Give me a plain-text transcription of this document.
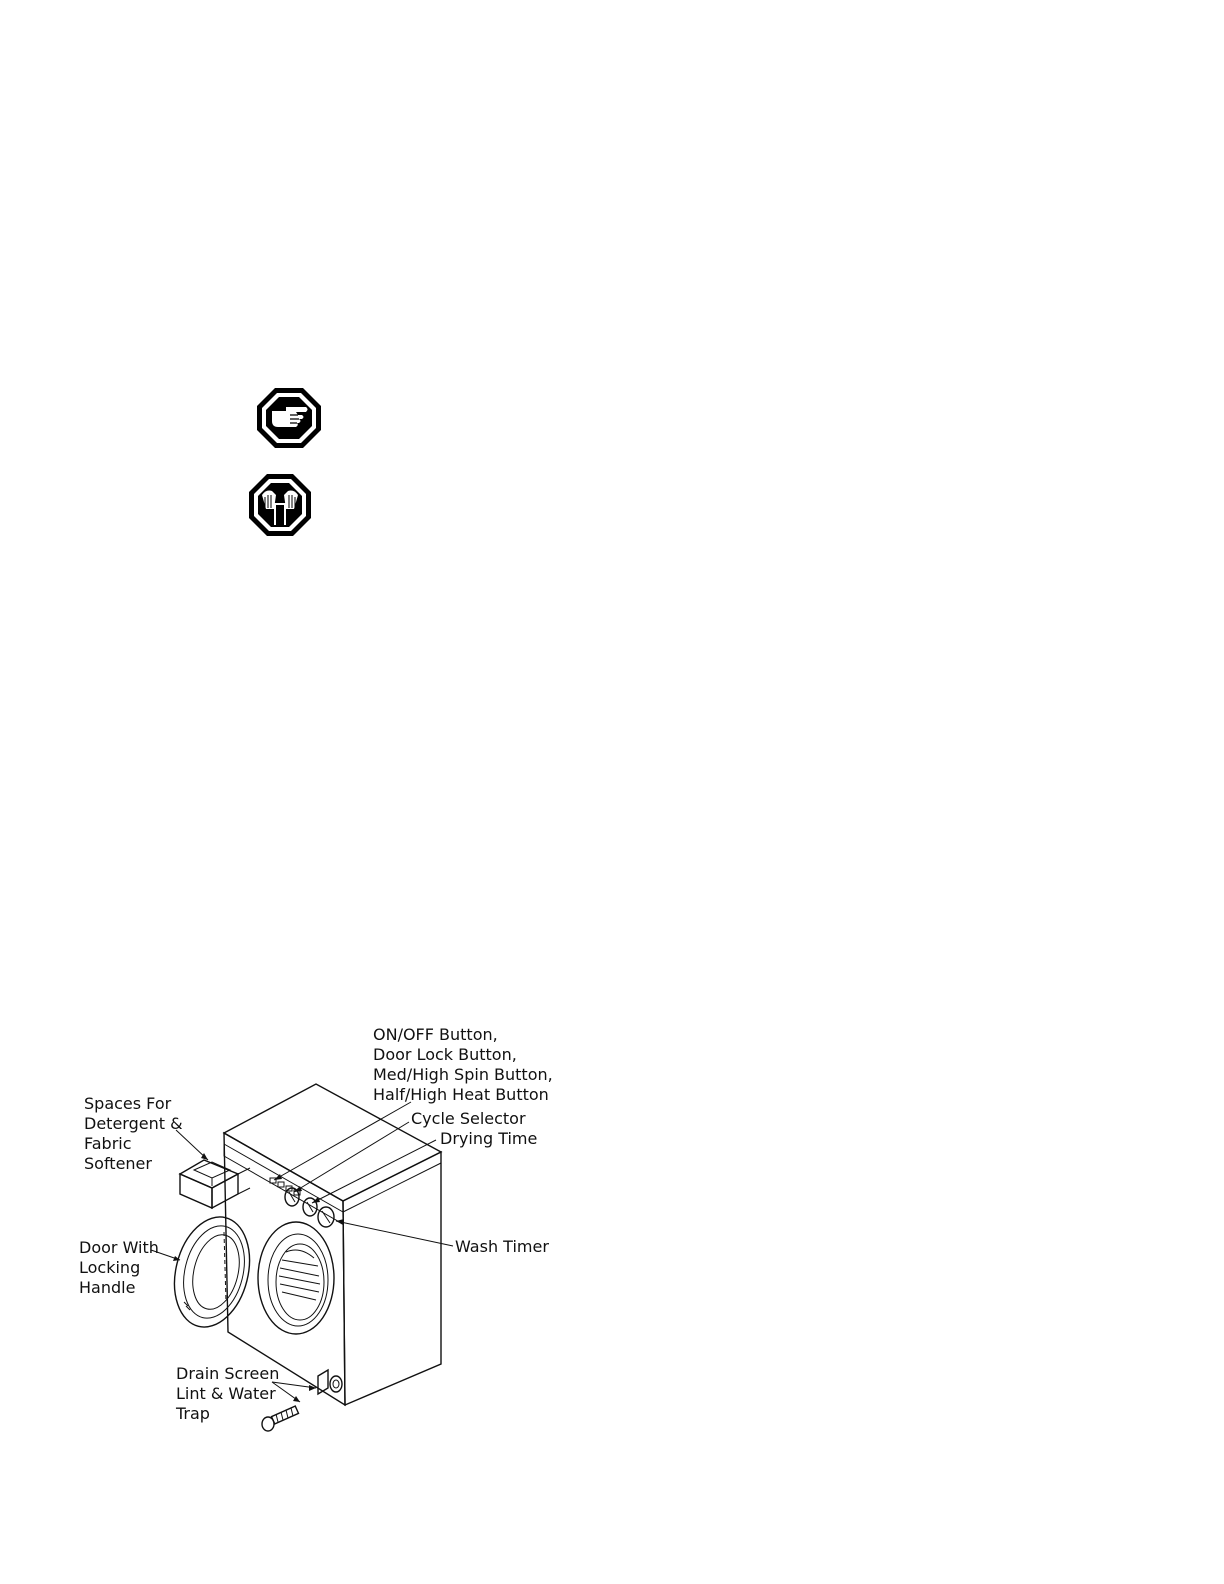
ON/OFF Button,
Door Lock Button,
Med/High Spin Button,
Half/High Heat Button
Cycle Selector
Drying Time
Spaces For
Detergent &
Fabric
Softener
Wash Timer
Door With
Locking
Handle
Drain Screen
Lint & Water
Trap
